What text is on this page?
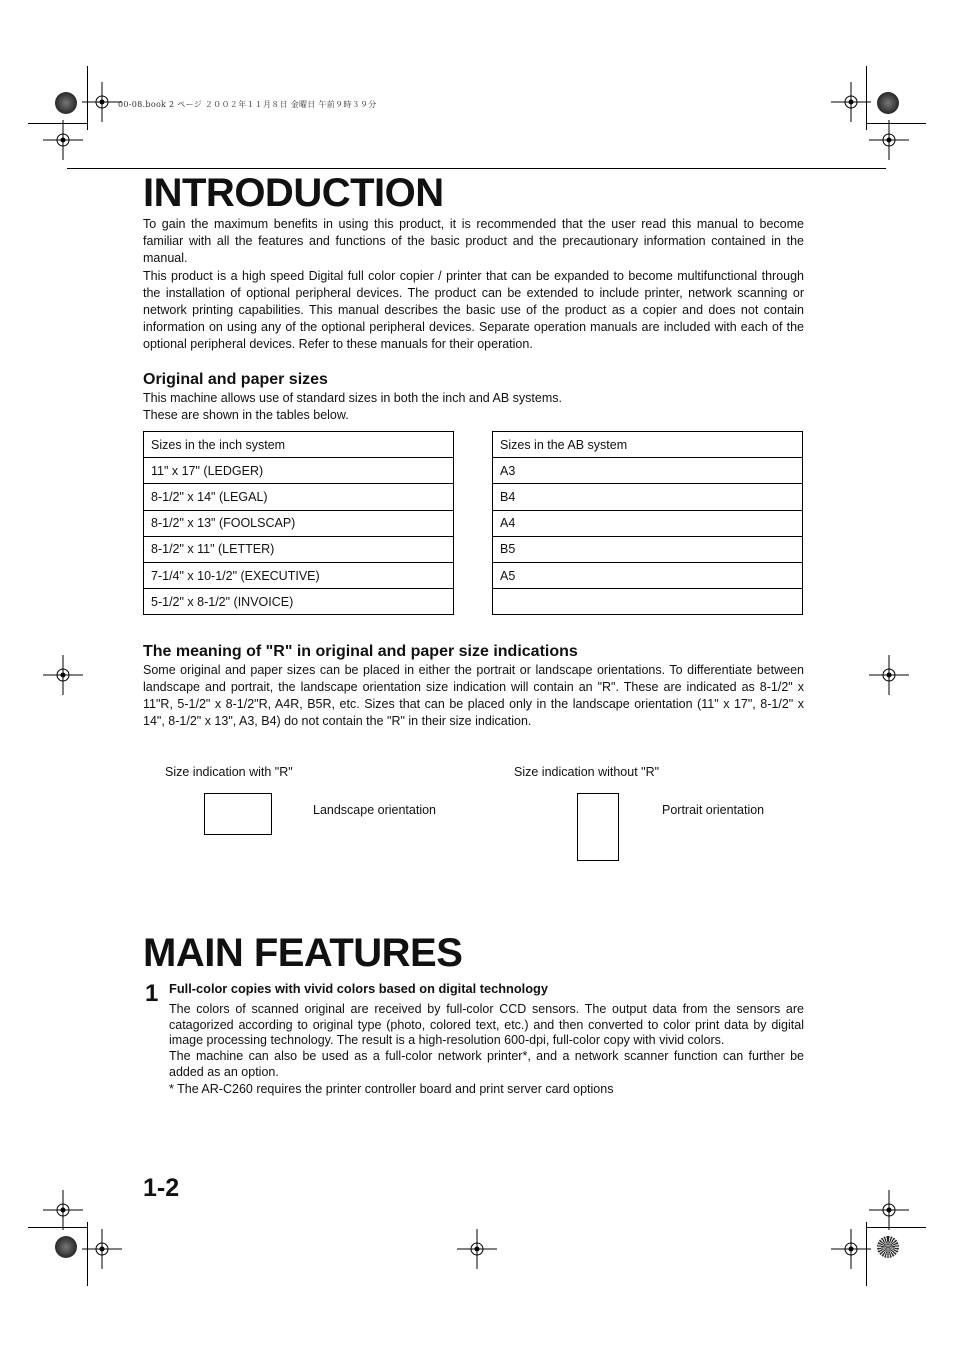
00-08.book 2 ページ ２００２年１１月８日 金曜日 午前９時３９分
INTRODUCTION

To gain the maximum benefits in using this product, it is recommended that the user read this manual to become familiar with all the features and functions of the basic product and the precautionary information contained in the manual.

This product is a high speed Digital full color copier / printer that can be expanded to become multifunctional through the installation of optional peripheral devices. The product can be extended to include printer, network scanning or network printing capabilities. This manual describes the basic use of the product as a copier and does not contain information on using any of the optional peripheral devices. Separate operation manuals are included with each of the optional peripheral devices. Refer to these manuals for their operation.

Original and paper sizes

This machine allows use of standard sizes in both the inch and AB systems.

These are shown in the tables below.

Sizes in the inch system
11" x 17" (LEDGER)
8-1/2" x 14" (LEGAL)
8-1/2" x 13" (FOOLSCAP)
8-1/2" x 11" (LETTER)
7-1/4" x 10-1/2" (EXECUTIVE)
5-1/2" x 8-1/2" (INVOICE)
Sizes in the AB system
A3
B4
A4
B5
A5

The meaning of "R" in original and paper size indications

Some original and paper sizes can be placed in either the portrait or landscape orientations. To differentiate between landscape and portrait, the landscape orientation size indication will contain an "R". These are indicated as 8-1/2" x 11"R, 5-1/2" x 8-1/2"R, A4R, B5R, etc. Sizes that can be placed only in the landscape orientation (11" x 17", 8-1/2" x 14", 8-1/2" x 13", A3, B4) do not contain the "R" in their size indication.

Size indication with "R"
Landscape orientation
Size indication without "R"
Portrait orientation
MAIN FEATURES
1 Full-color copies with vivid colors based on digital technology

The colors of scanned original are received by full-color CCD sensors. The output data from the sensors are catagorized according to original type (photo, colored text, etc.) and then converted to color print data by digital image processing technology. The result is a high-resolution 600-dpi, full-color copy with vivid colors.

The machine can also be used as a full-color network printer*, and a network scanner function can further be added as an option.

* The AR-C260 requires the printer controller board and print server card options

1-2
